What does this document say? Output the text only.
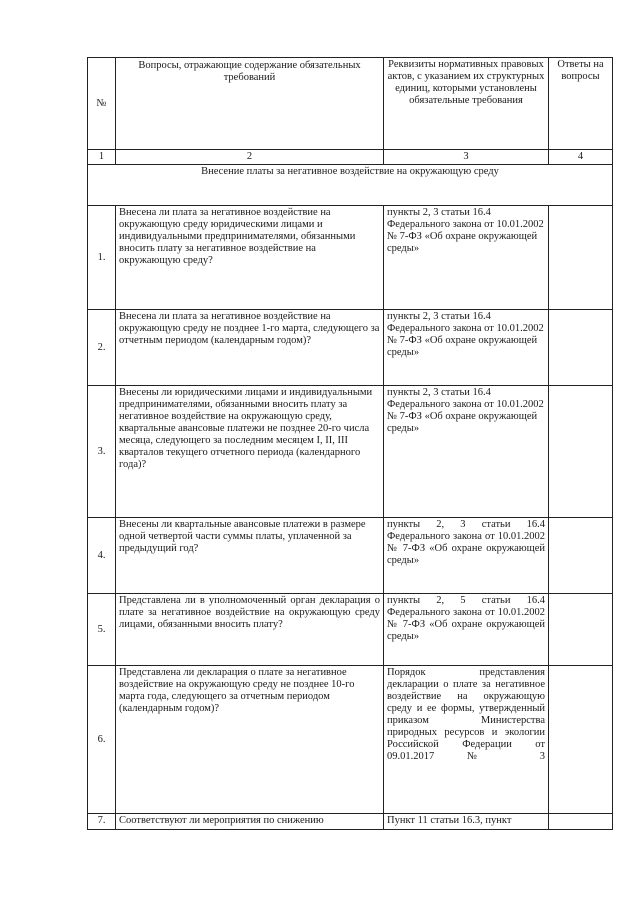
№	Вопросы, отражающие содержание обязательных требований	Реквизиты нормативных правовых актов, с указанием их структурных единиц, которыми установлены обязательные требования	Ответы на вопросы
1	2	3	4
Внесение платы за негативное воздействие на окружающую среду			
1.	Внесена ли плата за негативное воздействие на окружающую среду юридическими лицами и индивидуальными предпринимателями, обязанными вносить плату за негативное воздействие на окружающую среду?	пункты 2, 3 статьи 16.4 Федерального закона от 10.01.2002 № 7-ФЗ «Об охране окружающей среды»	
2.	Внесена ли плата за негативное воздействие на окружающую среду не позднее 1-го марта, следующего за отчетным периодом (календарным годом)?	пункты 2, 3 статьи 16.4 Федерального закона от 10.01.2002 № 7-ФЗ «Об охране окружающей среды»	
3.	Внесены ли юридическими лицами и индивидуальными предпринимателями, обязанными вносить плату за негативное воздействие на окружающую среду, квартальные авансовые платежи не позднее 20-го числа месяца, следующего за последним месяцем I, II, III кварталов текущего отчетного периода (календарного года)?	пункты 2, 3 статьи 16.4 Федерального закона от 10.01.2002 № 7-ФЗ «Об охране окружающей среды»	
4.	Внесены ли квартальные авансовые платежи в размере одной четвертой части суммы платы, уплаченной за предыдущий год?	пункты 2, 3 статьи 16.4 Федерального закона от 10.01.2002 № 7-ФЗ «Об охране окружающей среды»	
5.	Представлена ли в уполномоченный орган декларация о плате за негативное воздействие на окружающую среду лицами, обязанными вносить плату?	пункты 2, 5 статьи 16.4 Федерального закона от 10.01.2002 № 7-ФЗ «Об охране окружающей среды»	
6.	Представлена ли декларация о плате за негативное воздействие на окружающую среду не позднее 10-го марта года, следующего за отчетным периодом (календарным годом)?	Порядок представления декларации о плате за негативное воздействие на окружающую среду и ее формы, утвержденный приказом Министерства природных ресурсов и экологии Российской Федерации от 09.01.2017 № 3	
7.	Соответствуют ли мероприятия по снижению	Пункт 11 статьи 16.3, пункт	
